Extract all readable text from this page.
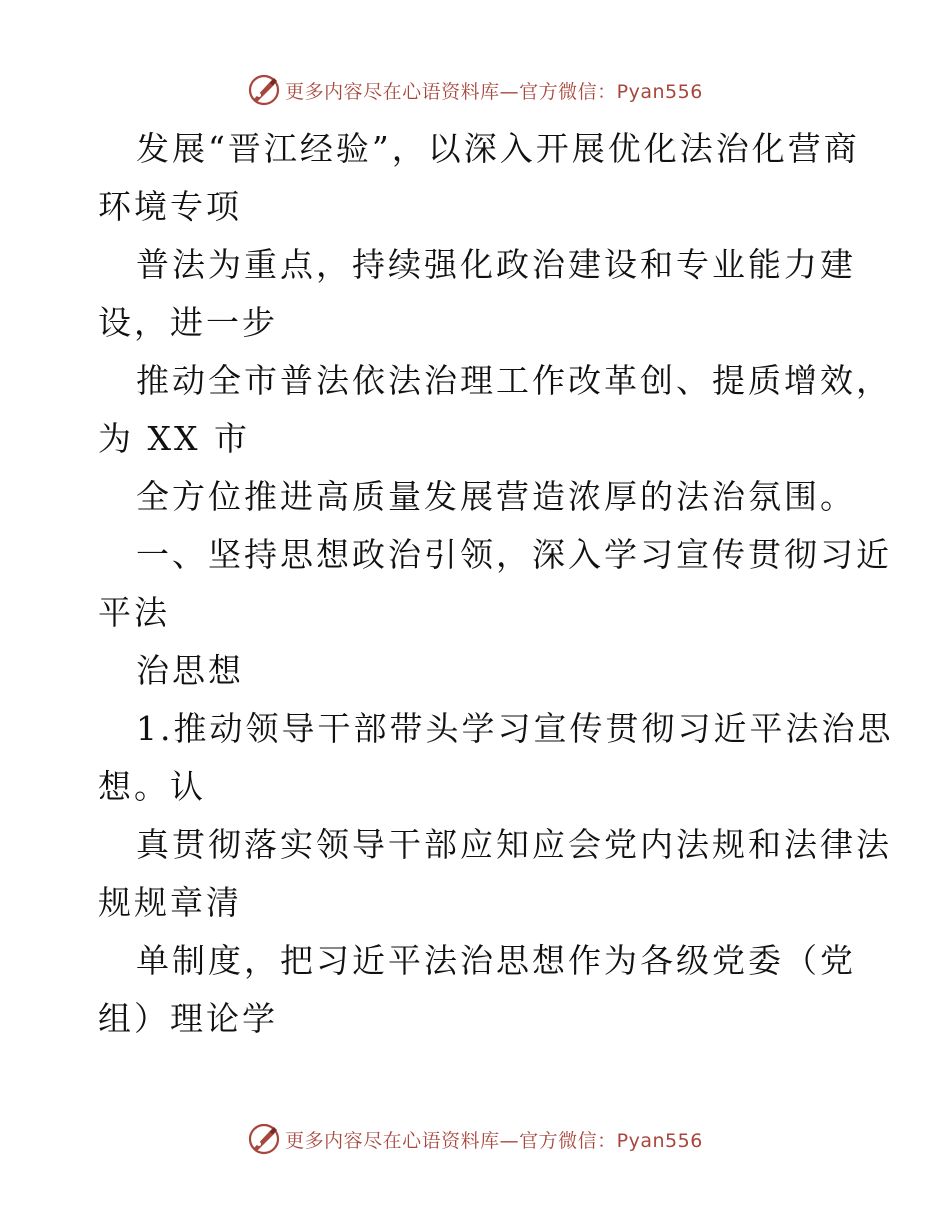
更多内容尽在心语资料库—官方微信：Pyan556

发展“晋江经验”，以深入开展优化法治化营商
环境专项

普法为重点，持续强化政治建设和专业能力建
设，进一步

推动全市普法依法治理工作改革创、提质增效，
为 XX 市

全方位推进高质量发展营造浓厚的法治氛围。

一、坚持思想政治引领，深入学习宣传贯彻习近
平法

治思想

1.推动领导干部带头学习宣传贯彻习近平法治思
想。认

真贯彻落实领导干部应知应会党内法规和法律法
规规章清

单制度，把习近平法治思想作为各级党委（党
组）理论学

更多内容尽在心语资料库—官方微信：Pyan556
